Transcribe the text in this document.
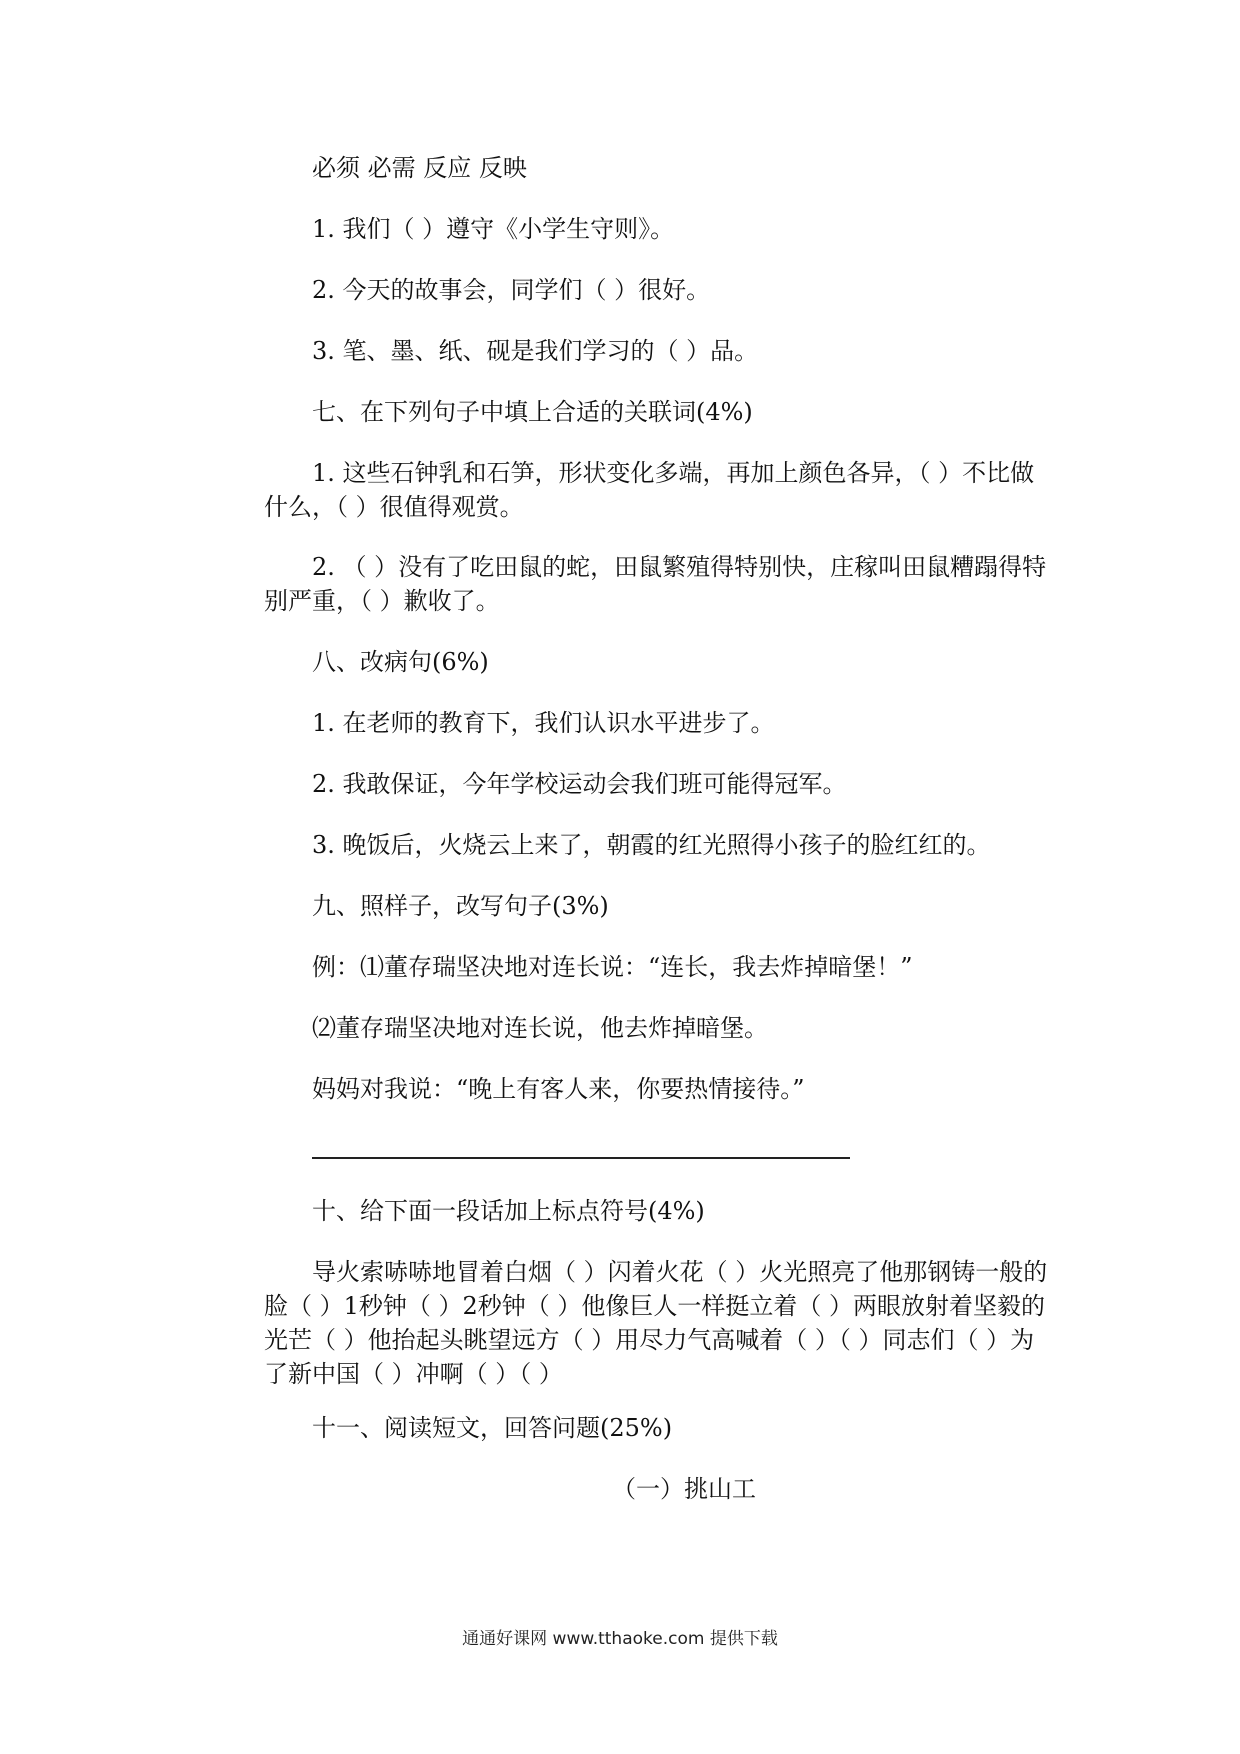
必须 必需 反应 反映
1. 我们（ ）遵守《小学生守则》。
2. 今天的故事会，同学们（ ）很好。
3. 笔、墨、纸、砚是我们学习的（ ）品。
七、在下列句子中填上合适的关联词(4%)
1. 这些石钟乳和石笋，形状变化多端，再加上颜色各异，（ ）不比做什么，（ ）很值得观赏。
2. （ ）没有了吃田鼠的蛇，田鼠繁殖得特别快，庄稼叫田鼠糟蹋得特别严重，（ ）歉收了。
八、改病句(6%)
1. 在老师的教育下，我们认识水平进步了。
2. 我敢保证，今年学校运动会我们班可能得冠军。
3. 晚饭后，火烧云上来了，朝霞的红光照得小孩子的脸红红的。
九、照样子，改写句子(3%)
例：⑴董存瑞坚决地对连长说：“连长，我去炸掉暗堡！”
⑵董存瑞坚决地对连长说，他去炸掉暗堡。
妈妈对我说：“晚上有客人来，你要热情接待。”
十、给下面一段话加上标点符号(4%)
导火索哧哧地冒着白烟（ ）闪着火花（ ）火光照亮了他那钢铸一般的脸（ ）1秒钟（ ）2秒钟（ ）他像巨人一样挺立着（ ）两眼放射着坚毅的光芒（ ）他抬起头眺望远方（ ）用尽力气高喊着（ ）（ ）同志们（ ）为了新中国（ ）冲啊（ ）（ ）
十一、阅读短文，回答问题(25%)
（一）挑山工
通通好课网 www.tthaoke.com 提供下载
